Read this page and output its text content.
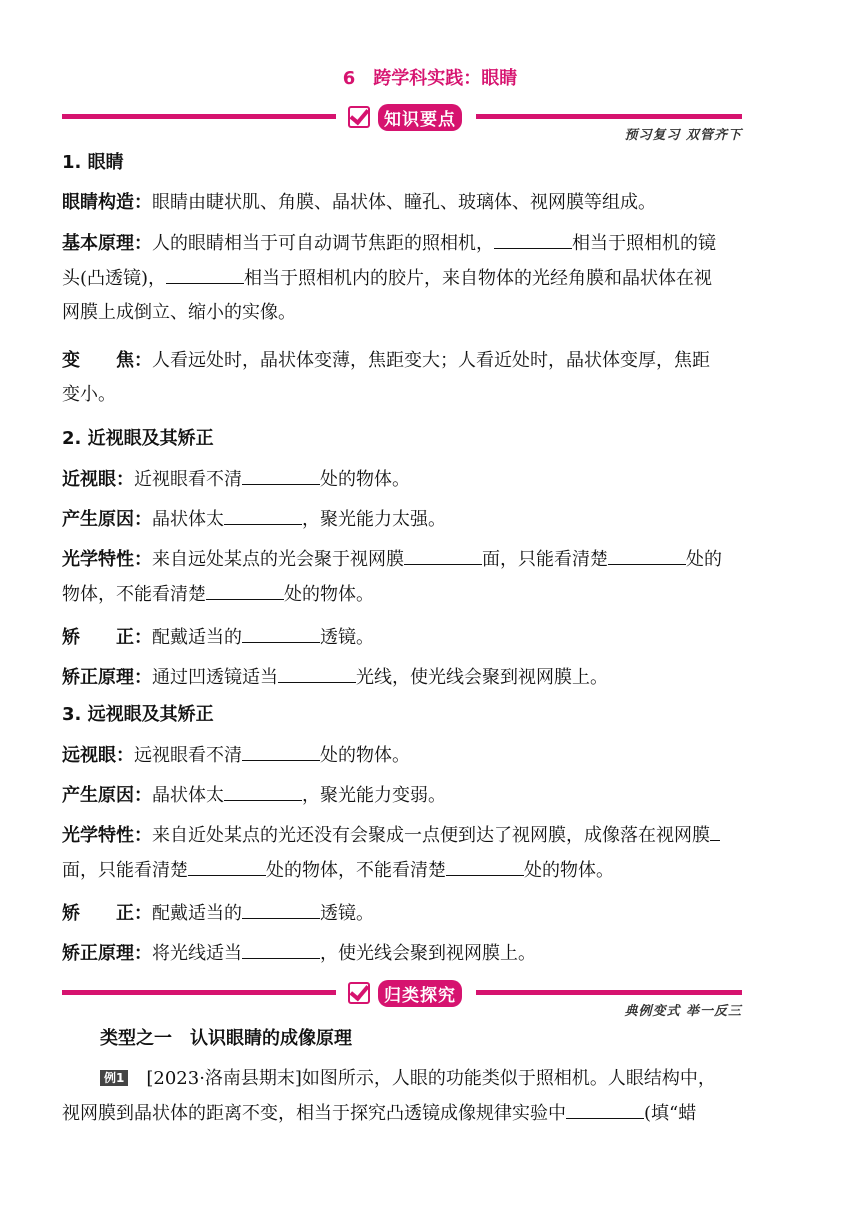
6 跨学科实践：眼睛
知识要点
预习复习 双管齐下
1. 眼睛
眼睛构造：眼睛由睫状肌、角膜、晶状体、瞳孔、玻璃体、视网膜等组成。
基本原理：人的眼睛相当于可自动调节焦距的照相机，	相当于照相机的镜
头(凸透镜)，	相当于照相机内的胶片，来自物体的光经角膜和晶状体在视
网膜上成倒立、缩小的实像。
变　　焦：人看远处时，晶状体变薄，焦距变大；人看近处时，晶状体变厚，焦距
变小。
2. 近视眼及其矫正
近视眼：近视眼看不清	处的物体。
产生原因：晶状体太	，聚光能力太强。
光学特性：来自远处某点的光会聚于视网膜	面，只能看清楚	处的
物体，不能看清楚	处的物体。
矫　　正：配戴适当的	透镜。
矫正原理：通过凹透镜适当	光线，使光线会聚到视网膜上。
3. 远视眼及其矫正
远视眼：远视眼看不清	处的物体。
产生原因：晶状体太	，聚光能力变弱。
光学特性：来自近处某点的光还没有会聚成一点便到达了视网膜，成像落在视网膜
面，只能看清楚	处的物体，不能看清楚	处的物体。
矫　　正：配戴适当的	透镜。
矫正原理：将光线适当	，使光线会聚到视网膜上。
归类探究
典例变式 举一反三
类型之一　认识眼睛的成像原理
例1 [2023·洛南县期末]如图所示，人眼的功能类似于照相机。人眼结构中，
视网膜到晶状体的距离不变，相当于探究凸透镜成像规律实验中	(填“蜡
